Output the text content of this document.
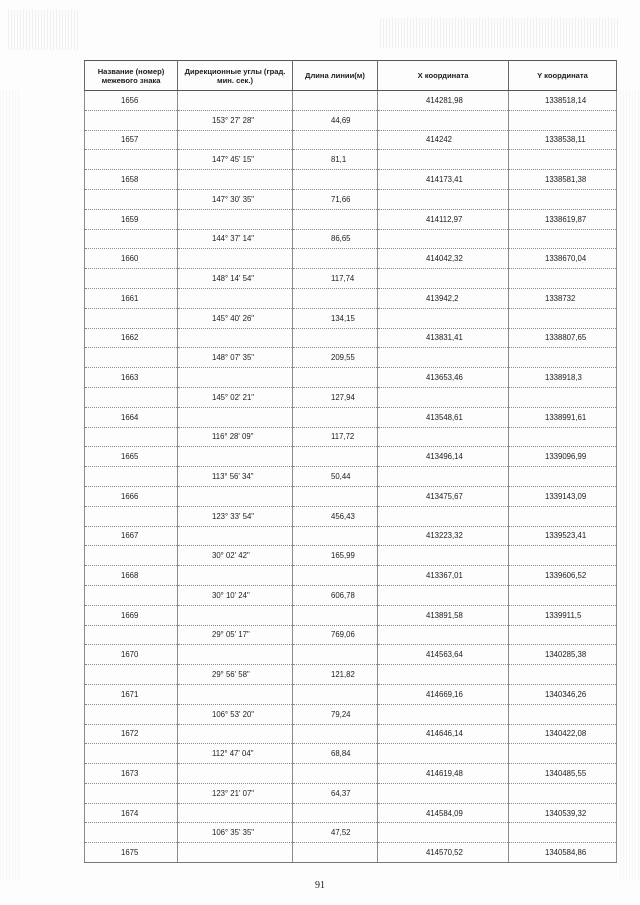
Название (номер) межевого знака	Дирекционные углы (град. мин. сек.)	Длина линии(м)	X координата	Y координата
1656			414281,98	1338518,14
	153° 27' 28"	44,69		
1657			414242	1338538,11
	147° 45' 15"	81,1		
1658			414173,41	1338581,38
	147° 30' 35"	71,66		
1659			414112,97	1338619,87
	144° 37' 14"	86,65		
1660			414042,32	1338670,04
	148° 14' 54"	117,74		
1661			413942,2	1338732
	145° 40' 26"	134,15		
1662			413831,41	1338807,65
	148° 07' 35"	209,55		
1663			413653,46	1338918,3
	145° 02' 21"	127,94		
1664			413548,61	1338991,61
	116° 28' 09"	117,72		
1665			413496,14	1339096,99
	113° 56' 34"	50,44		
1666			413475,67	1339143,09
	123° 33' 54"	456,43		
1667			413223,32	1339523,41
	30° 02' 42"	165,99		
1668			413367,01	1339606,52
	30° 10' 24"	606,78		
1669			413891,58	1339911,5
	29° 05' 17"	769,06		
1670			414563,64	1340285,38
	29° 56' 58"	121,82		
1671			414669,16	1340346,26
	106° 53' 20"	79,24		
1672			414646,14	1340422,08
	112° 47' 04"	68,84		
1673			414619,48	1340485,55
	123° 21' 07"	64,37		
1674			414584,09	1340539,32
	106° 35' 35"	47,52		
1675			414570,52	1340584,86
91
